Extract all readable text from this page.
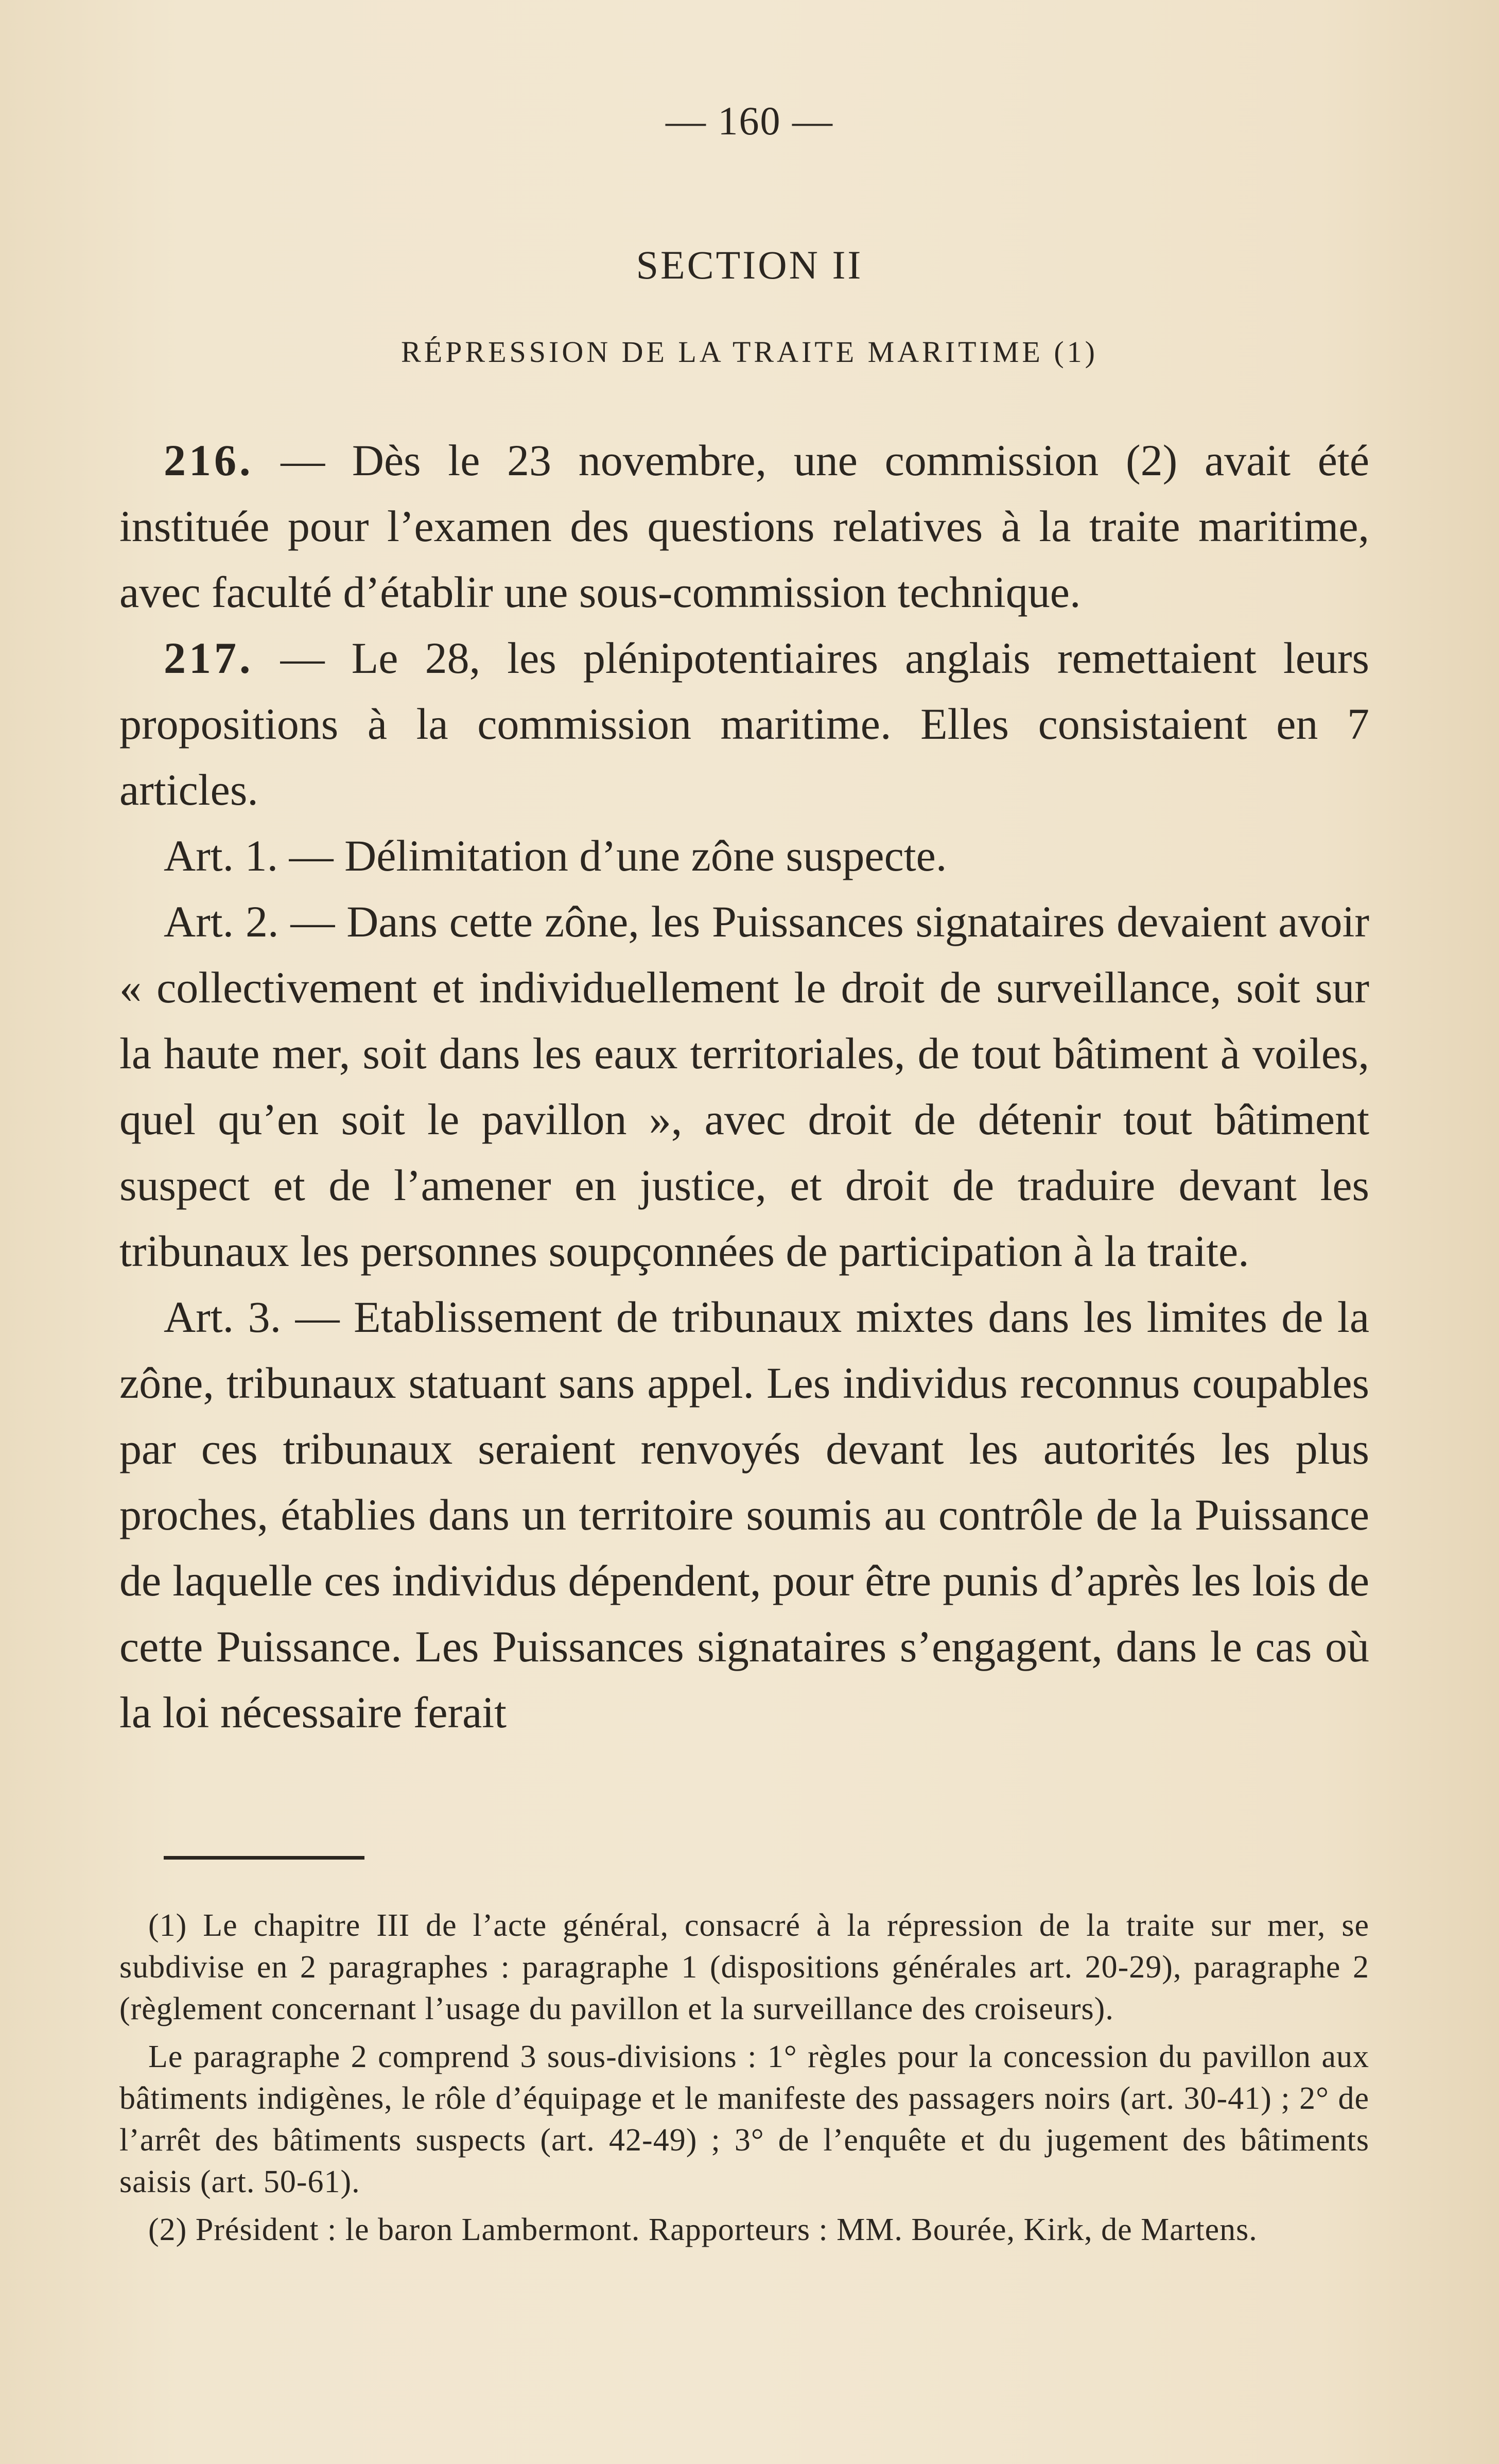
— 160 —
SECTION II
RÉPRESSION DE LA TRAITE MARITIME (1)

216. — Dès le 23 novembre, une commission (2) avait été instituée pour l’examen des questions relatives à la traite maritime, avec faculté d’établir une sous-commission technique.

217. — Le 28, les plénipotentiaires anglais remettaient leurs propositions à la commission maritime. Elles consistaient en 7 articles.

Art. 1. — Délimitation d’une zône suspecte.

Art. 2. — Dans cette zône, les Puissances signataires devaient avoir « collectivement et individuellement le droit de surveillance, soit sur la haute mer, soit dans les eaux territoriales, de tout bâtiment à voiles, quel qu’en soit le pavillon », avec droit de détenir tout bâtiment suspect et de l’amener en justice, et droit de traduire devant les tribunaux les personnes soupçonnées de participation à la traite.

Art. 3. — Etablissement de tribunaux mixtes dans les limites de la zône, tribunaux statuant sans appel. Les individus reconnus coupables par ces tribunaux seraient renvoyés devant les autorités les plus proches, établies dans un territoire soumis au contrôle de la Puissance de laquelle ces individus dépendent, pour être punis d’après les lois de cette Puissance. Les Puissances signataires s’engagent, dans le cas où la loi nécessaire ferait

(1) Le chapitre III de l’acte général, consacré à la répression de la traite sur mer, se subdivise en 2 paragraphes : paragraphe 1 (dispositions générales art. 20-29), paragraphe 2 (règlement concernant l’usage du pavillon et la surveillance des croiseurs).

Le paragraphe 2 comprend 3 sous-divisions : 1° règles pour la concession du pavillon aux bâtiments indigènes, le rôle d’équipage et le manifeste des passagers noirs (art. 30-41) ; 2° de l’arrêt des bâtiments suspects (art. 42-49) ; 3° de l’enquête et du jugement des bâtiments saisis (art. 50-61).

(2) Président : le baron Lambermont. Rapporteurs : MM. Bourée, Kirk, de Martens.
